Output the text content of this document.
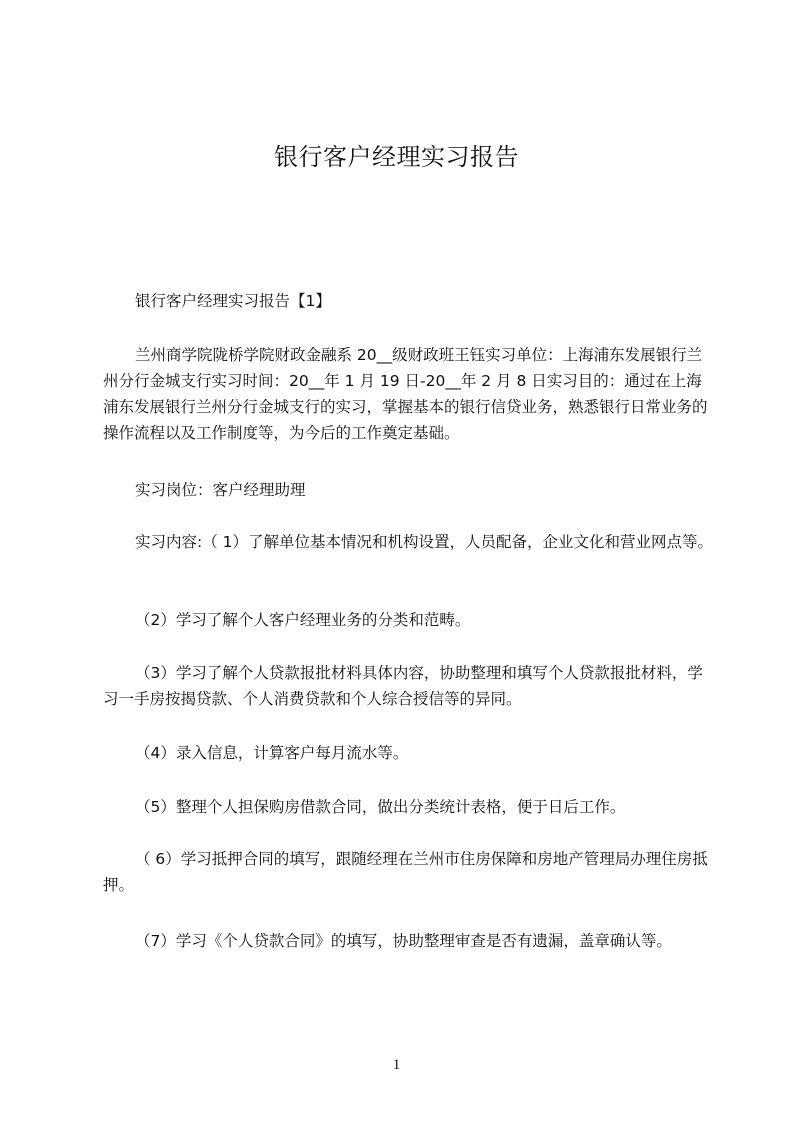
银行客户经理实习报告

银行客户经理实习报告【1】

兰州商学院陇桥学院财政金融系 20__级财政班王钰实习单位：上海浦东发展银行兰州分行金城支行实习时间：20__年 1 月 19 日-20__年 2 月 8 日实习目的：通过在上海浦东发展银行兰州分行金城支行的实习，掌握基本的银行信贷业务，熟悉银行日常业务的操作流程以及工作制度等，为今后的工作奠定基础。

实习岗位：客户经理助理

实习内容:（ 1）了解单位基本情况和机构设置，人员配备，企业文化和营业网点等。

（2）学习了解个人客户经理业务的分类和范畴。

（3）学习了解个人贷款报批材料具体内容，协助整理和填写个人贷款报批材料，学习一手房按揭贷款、个人消费贷款和个人综合授信等的异同。

（4）录入信息，计算客户每月流水等。

（5）整理个人担保购房借款合同，做出分类统计表格，便于日后工作。

（ 6）学习抵押合同的填写，跟随经理在兰州市住房保障和房地产管理局办理住房抵押。

（7）学习《个人贷款合同》的填写，协助整理审查是否有遗漏，盖章确认等。

1
